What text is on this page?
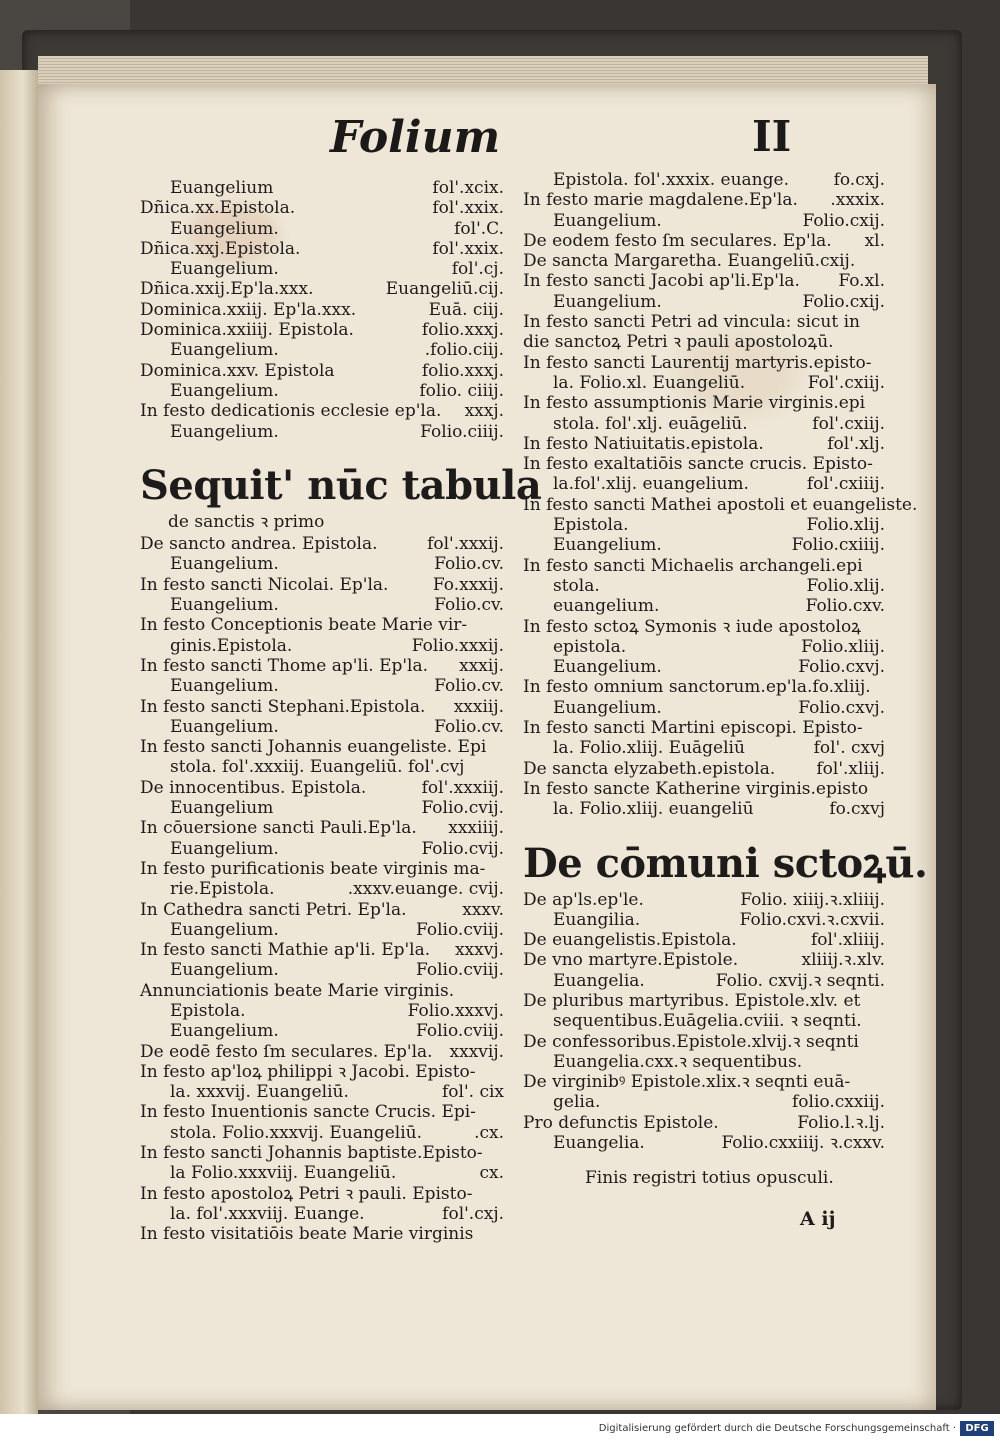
Folium	II
Euangelium	fol'.xcix.
Dñica.xx.Epistola.	fol'.xxix.
Euangelium.	fol'.C.
Dñica.xxj.Epistola.	fol'.xxix.
Euangelium.	fol'.cj.
Dñica.xxij.Ep'la.xxx.	Euangeliū.cij.
Dominica.xxiij. Ep'la.xxx.	Euā. ciij.
Dominica.xxiiij. Epistola.	folio.xxxj.
Euangelium.	.folio.ciij.
Dominica.xxv. Epistola	folio.xxxj.
Euangelium.	folio. ciiij.
In festo dedicationis ecclesie ep'la. xxxj.
Euangelium.	Folio.ciiij.
Sequit' nūc tabula
de sanctis ꝛ primo
De sancto andrea. Epistola.	fol'.xxxij.
Euangelium.	Folio.cv.
In festo sancti Nicolai. Ep'la.	Fo.xxxij.
Euangelium.	Folio.cv.
In festo Conceptionis beate Marie vir-
ginis.Epistola.	Folio.xxxij.
In festo sancti Thome ap'li. Ep'la. xxxij.
Euangelium.	Folio.cv.
In festo sancti Stephani.Epistola. xxxiij.
Euangelium.	Folio.cv.
In festo sancti Johannis euangeliste. Epi
stola. fol'.xxxiij. Euangeliū. fol'.cvj
De innocentibus. Epistola.	fol'.xxxiij.
Euangelium	Folio.cvij.
In cōuersione sancti Pauli.Ep'la. xxxiiij.
Euangelium.	Folio.cvij.
In festo purificationis beate virginis ma-
rie.Epistola.	.xxxv.euange. cvij.
In Cathedra sancti Petri. Ep'la.	xxxv.
Euangelium.	Folio.cviij.
In festo sancti Mathie ap'li. Ep'la. xxxvj.
Euangelium.	Folio.cviij.
Annunciationis beate Marie virginis.
Epistola.	Folio.xxxvj.
Euangelium.	Folio.cviij.
De eodē festo ſm seculares. Ep'la. xxxvij.
In festo ap'loꝝ philippi ꝛ Jacobi. Episto-
la. xxxvij. Euangeliū.	fol'. cix
In festo Inuentionis sancte Crucis. Epi-
stola. Folio.xxxvij. Euangeliū.	.cx.
In festo sancti Johannis baptiste.Episto-
la Folio.xxxviij. Euangeliū.	cx.
In festo apostoloꝝ Petri ꝛ pauli. Episto-
la. fol'.xxxviij. Euange.	fol'.cxj.
In festo visitatiōis beate Marie virginis
Epistola. fol'.xxxix. euange.	fo.cxj.
In festo marie magdalene.Ep'la. .xxxix.
Euangelium.	Folio.cxij.
De eodem festo ſm seculares. Ep'la. xl.
De sancta Margaretha. Euangeliū.cxij.
In festo sancti Jacobi ap'li.Ep'la. Fo.xl.
Euangelium.	Folio.cxij.
In festo sancti Petri ad vincula: sicut in
die sanctoꝝ Petri ꝛ pauli apostoloꝝū.
In festo sancti Laurentij martyris.episto-
la. Folio.xl. Euangeliū.	Fol'.cxiij.
In festo assumptionis Marie virginis.epi
stola. fol'.xlj. euāgeliū.	fol'.cxiij.
In festo Natiuitatis.epistola.	fol'.xlj.
In festo exaltatiōis sancte crucis. Episto-
la.fol'.xlij. euangelium.	fol'.cxiiij.
In festo sancti Mathei apostoli et euangeliste.
Epistola.	Folio.xlij.
Euangelium.	Folio.cxiiij.
In festo sancti Michaelis archangeli.epi
stola.	Folio.xlij.
euangelium.	Folio.cxv.
In festo sctoꝝ Symonis ꝛ iude apostoloꝝ
epistola.	Folio.xliij.
Euangelium.	Folio.cxvj.
In festo omnium sanctorum.ep'la.fo.xliij.
Euangelium.	Folio.cxvj.
In festo sancti Martini episcopi. Episto-
la. Folio.xliij. Euāgeliū	fol'. cxvj
De sancta elyzabeth.epistola. fol'.xliij.
In festo sancte Katherine virginis.episto
la. Folio.xliij. euangeliū	fo.cxvj
De cōmuni sctoꝝū.
De ap'ls.ep'le.	Folio. xiiij.ꝛ.xliiij.
Euangilia.	Folio.cxvi.ꝛ.cxvii.
De euangelistis.Epistola.	fol'.xliiij.
De vno martyre.Epistole.	xliiij.ꝛ.xlv.
Euangelia.	Folio. cxvij.ꝛ seqnti.
De pluribus martyribus. Epistole.xlv. et
sequentibus.Euāgelia.cviii. ꝛ seqnti.
De confessoribus.Epistole.xlvij.ꝛ seqnti
Euangelia.cxx.ꝛ sequentibus.
De virginibꝰ Epistole.xlix.ꝛ seqnti euā-
gelia.	folio.cxxiij.
Pro defunctis Epistole.	Folio.l.ꝛ.lj.
Euangelia.	Folio.cxxiiij. ꝛ.cxxv.
Finis registri totius opusculi.
A ij
Digitalisierung gefördert durch die Deutsche Forschungsgemeinschaft · DFG
